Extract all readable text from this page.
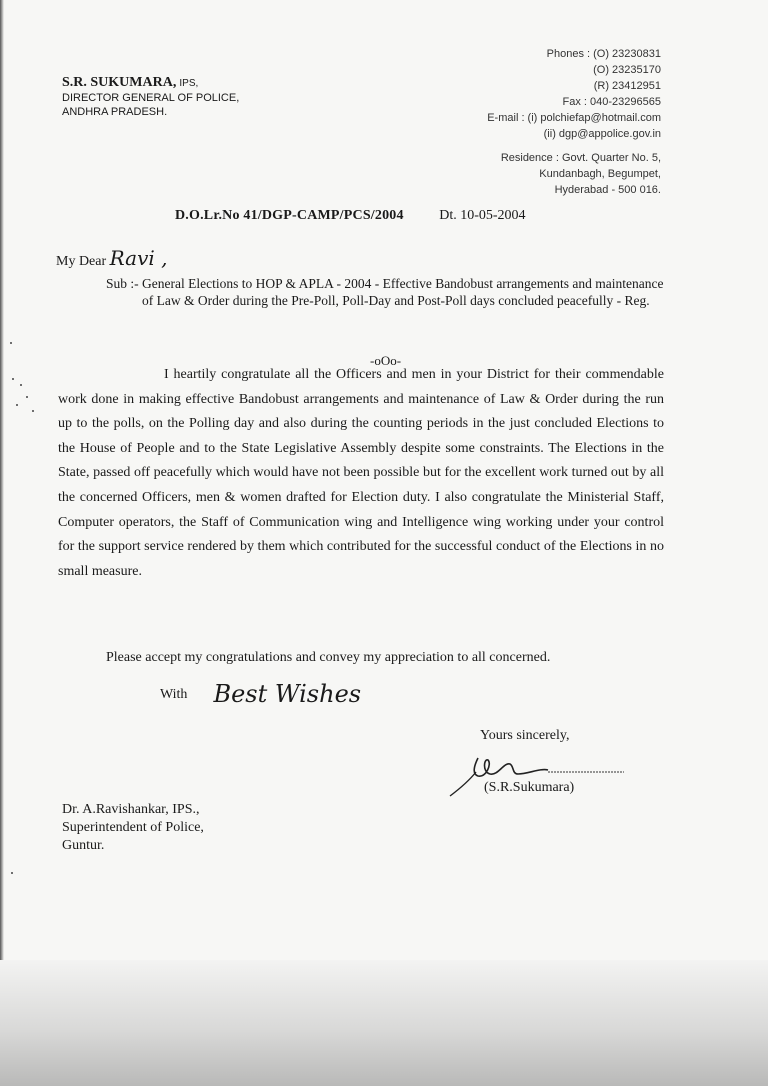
S.R. SUKUMARA, IPS,
DIRECTOR GENERAL OF POLICE,
ANDHRA PRADESH.
Phones : (O) 23230831
(O) 23235170
(R) 23412951
Fax : 040-23296565
E-mail : (i) polchiefap@hotmail.com
(ii) dgp@appolice.gov.in
Residence : Govt. Quarter No. 5,
Kundanbagh, Begumpet,
Hyderabad - 500 016.
D.O.Lr.No 41/DGP-CAMP/PCS/2004	Dt. 10-05-2004
My Dear Ravi ,
Sub :- General Elections to HOP & APLA - 2004 - Effective Bandobust arrangements and maintenance of Law & Order during the Pre-Poll, Poll-Day and Post-Poll days concluded peacefully - Reg.
-oOo-
I heartily congratulate all the Officers and men in your District for their commendable work done in making effective Bandobust arrangements and maintenance of Law & Order during the run up to the polls, on the Polling day and also during the counting periods in the just concluded Elections to the House of People and to the State Legislative Assembly despite some constraints. The Elections in the State, passed off peacefully which would have not been possible but for the excellent work turned out by all the concerned Officers, men & women drafted for Election duty. I also congratulate the Ministerial Staff, Computer operators, the Staff of Communication wing and Intelligence wing working under your control for the support service rendered by them which contributed for the successful conduct of the Elections in no small measure.
Please accept my congratulations and convey my appreciation to all concerned.
With Best Wishes
Yours sincerely,
(S.R.Sukumara)
Dr. A.Ravishankar, IPS.,
Superintendent of Police,
Guntur.
